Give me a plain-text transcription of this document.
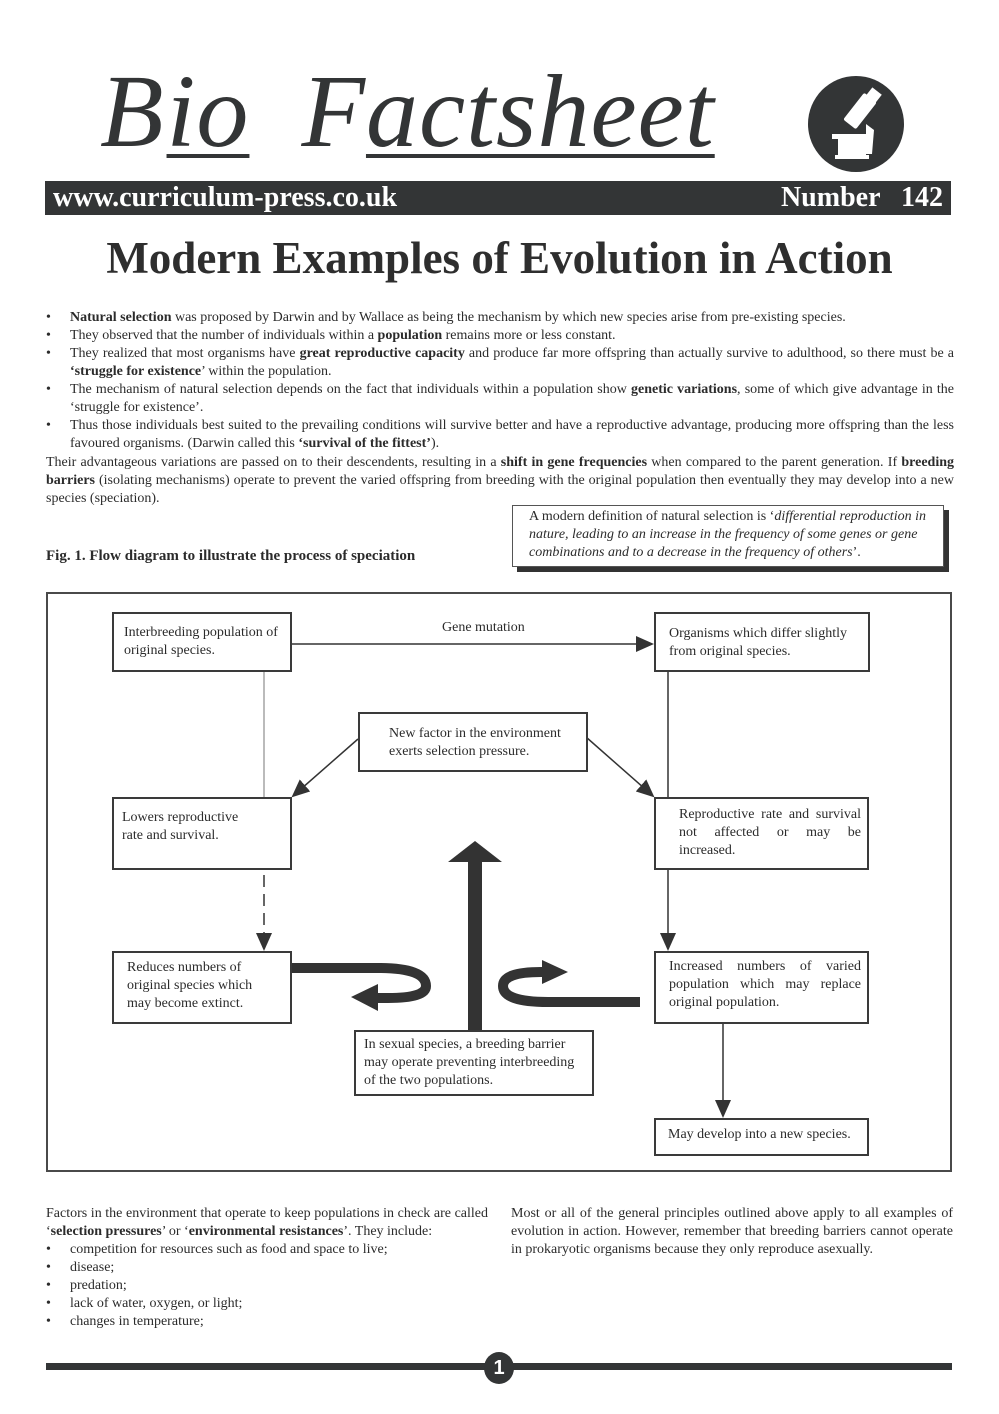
Bio Factsheet
www.curriculum-press.co.uk	Number 142
Modern Examples of Evolution in Action
• Natural selection was proposed by Darwin and by Wallace as being the mechanism by which new species arise from pre-existing species.
• They observed that the number of individuals within a population remains more or less constant.
• They realized that most organisms have great reproductive capacity and produce far more offspring than actually survive to adulthood, so there must be a ‘struggle for existence’ within the population.
• The mechanism of natural selection depends on the fact that individuals within a population show genetic variations, some of which give advantage in the ‘struggle for existence’.
• Thus those individuals best suited to the prevailing conditions will survive better and have a reproductive advantage, producing more offspring than the less favoured organisms. (Darwin called this ‘survival of the fittest’).
Their advantageous variations are passed on to their descendents, resulting in a shift in gene frequencies when compared to the parent generation. If breeding barriers (isolating mechanisms) operate to prevent the varied offspring from breeding with the original population then eventually they may develop into a new species (speciation).
A modern definition of natural selection is ‘differential reproduction in nature, leading to an increase in the frequency of some genes or gene combinations and to a decrease in the frequency of others’.
Fig. 1. Flow diagram to illustrate the process of speciation
Interbreeding population of original species.
Gene mutation	Organisms which differ slightly from original species.
New factor in the environment exerts selection pressure.
Lowers reproductive rate and survival.
Reproductive rate and survival not affected or may be increased.
Reduces numbers of original species which may become extinct.
Increased numbers of varied population which may replace original population.
In sexual species, a breeding barrier may operate preventing interbreeding of the two populations.
May develop into a new species.
Factors in the environment that operate to keep populations in check are called ‘selection pressures’ or ‘environmental resistances’. They include:
• competition for resources such as food and space to live;
• disease;
• predation;
• lack of water, oxygen, or light;
• changes in temperature;
Most or all of the general principles outlined above apply to all examples of evolution in action. However, remember that breeding barriers cannot operate in prokaryotic organisms because they only reproduce asexually.
1
